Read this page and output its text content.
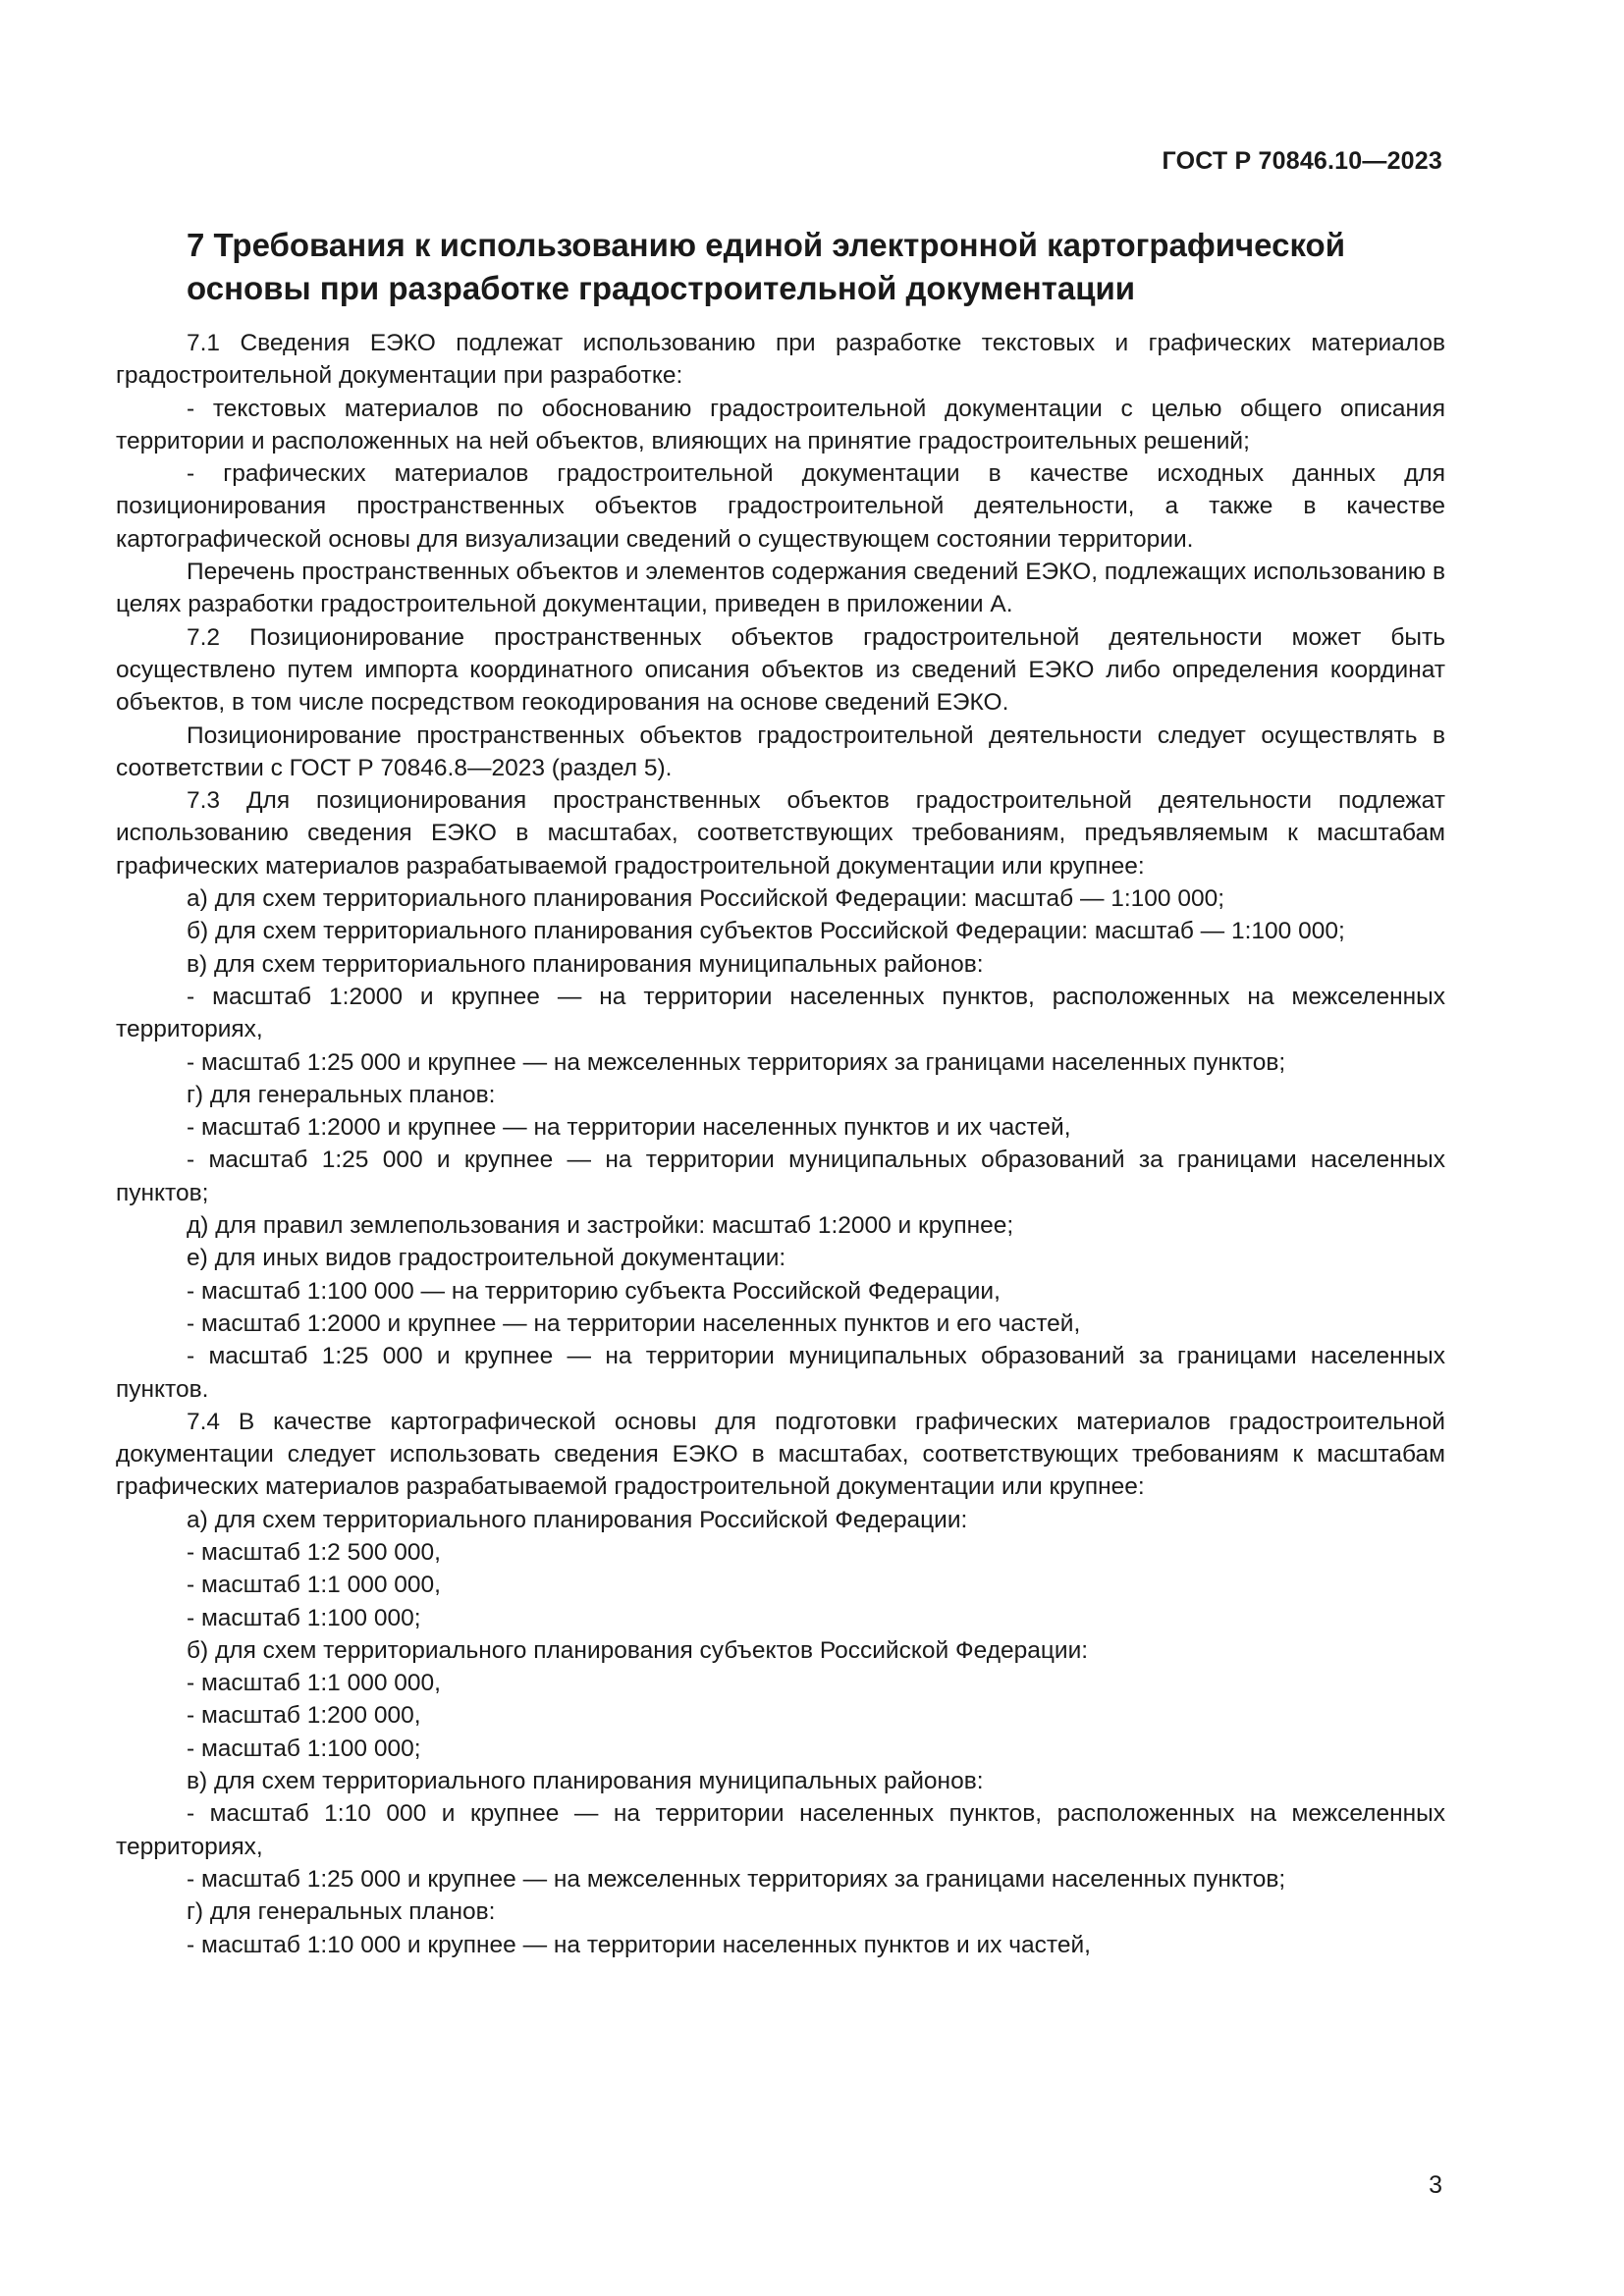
ГОСТ Р 70846.10—2023
7 Требования к использованию единой электронной картографической
основы при разработке градостроительной документации

7.1 Сведения ЕЭКО подлежат использованию при разработке текстовых и графических материалов градостроительной документации при разработке:

- текстовых материалов по обоснованию градостроительной документации с целью общего описания территории и расположенных на ней объектов, влияющих на принятие градостроительных решений;

- графических материалов градостроительной документации в качестве исходных данных для позиционирования пространственных объектов градостроительной деятельности, а также в качестве картографической основы для визуализации сведений о существующем состоянии территории.

Перечень пространственных объектов и элементов содержания сведений ЕЭКО, подлежащих использованию в целях разработки градостроительной документации, приведен в приложении А.

7.2 Позиционирование пространственных объектов градостроительной деятельности может быть осуществлено путем импорта координатного описания объектов из сведений ЕЭКО либо определения координат объектов, в том числе посредством геокодирования на основе сведений ЕЭКО.

Позиционирование пространственных объектов градостроительной деятельности следует осуществлять в соответствии с ГОСТ Р 70846.8—2023 (раздел 5).

7.3 Для позиционирования пространственных объектов градостроительной деятельности подлежат использованию сведения ЕЭКО в масштабах, соответствующих требованиям, предъявляемым к масштабам графических материалов разрабатываемой градостроительной документации или крупнее:

а) для схем территориального планирования Российской Федерации: масштаб — 1:100 000;

б) для схем территориального планирования субъектов Российской Федерации: масштаб — 1:100 000;

в) для схем территориального планирования муниципальных районов:

- масштаб 1:2000 и крупнее — на территории населенных пунктов, расположенных на межселенных территориях,

- масштаб 1:25 000 и крупнее — на межселенных территориях за границами населенных пунктов;

г) для генеральных планов:

- масштаб 1:2000 и крупнее — на территории населенных пунктов и их частей,

- масштаб 1:25 000 и крупнее — на территории муниципальных образований за границами населенных пунктов;

д) для правил землепользования и застройки: масштаб 1:2000 и крупнее;

е) для иных видов градостроительной документации:

- масштаб 1:100 000 — на территорию субъекта Российской Федерации,

- масштаб 1:2000 и крупнее — на территории населенных пунктов и его частей,

- масштаб 1:25 000 и крупнее — на территории муниципальных образований за границами населенных пунктов.

7.4 В качестве картографической основы для подготовки графических материалов градостроительной документации следует использовать сведения ЕЭКО в масштабах, соответствующих требованиям к масштабам графических материалов разрабатываемой градостроительной документации или крупнее:

а) для схем территориального планирования Российской Федерации:

- масштаб 1:2 500 000,

- масштаб 1:1 000 000,

- масштаб 1:100 000;

б) для схем территориального планирования субъектов Российской Федерации:

- масштаб 1:1 000 000,

- масштаб 1:200 000,

- масштаб 1:100 000;

в) для схем территориального планирования муниципальных районов:

- масштаб 1:10 000 и крупнее — на территории населенных пунктов, расположенных на межселенных территориях,

- масштаб 1:25 000 и крупнее — на межселенных территориях за границами населенных пунктов;

г) для генеральных планов:

- масштаб 1:10 000 и крупнее — на территории населенных пунктов и их частей,

3
